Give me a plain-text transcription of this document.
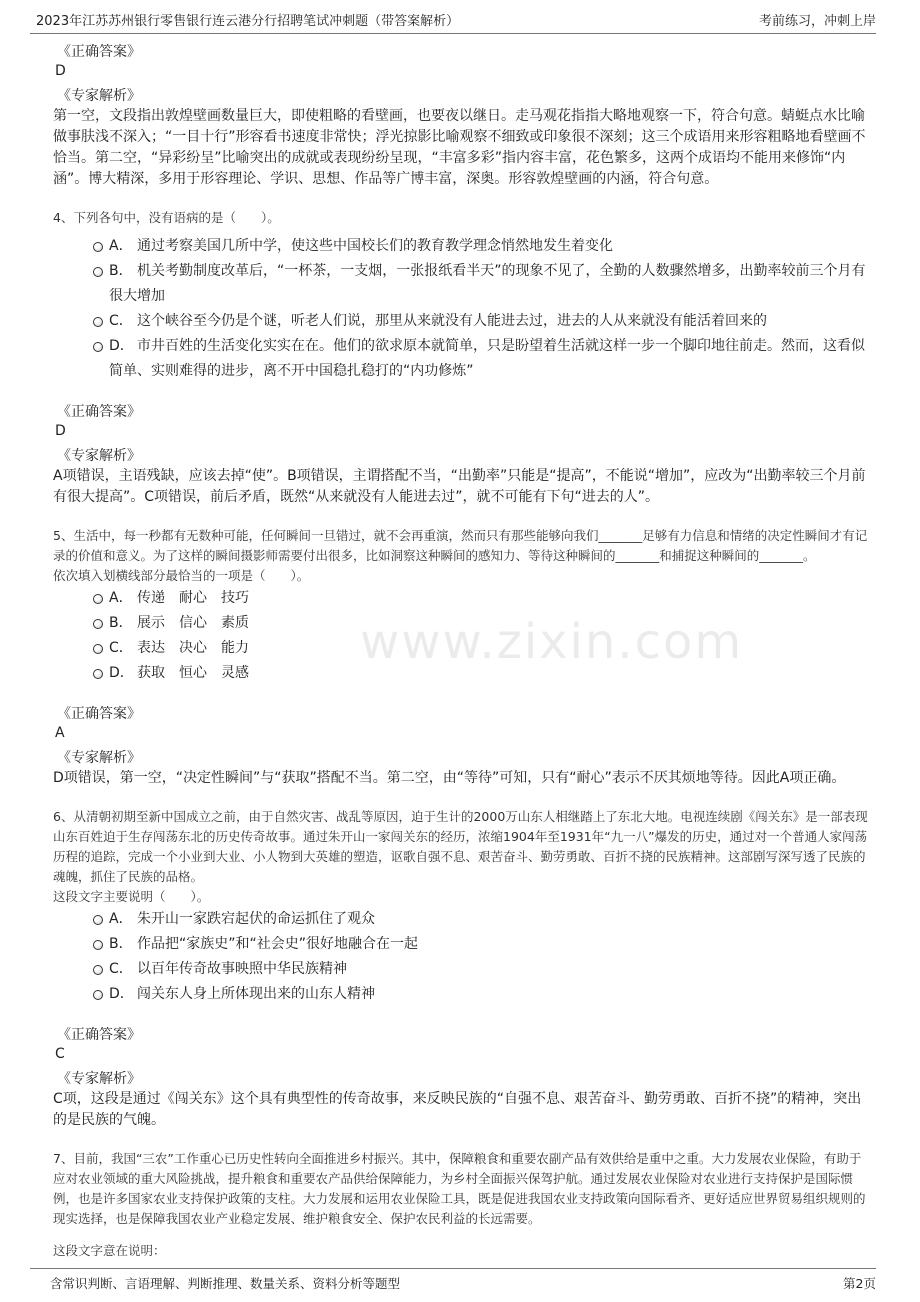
2023年江苏苏州银行零售银行连云港分行招聘笔试冲刺题（带答案解析）	考前练习，冲刺上岸
www.zixin.com

《正确答案》

D

《专家解析》

第一空，文段指出敦煌壁画数量巨大，即使粗略的看壁画，也要夜以继日。走马观花指指大略地观察一下，符合句意。蜻蜓点水比喻做事肤浅不深入；“一目十行”形容看书速度非常快；浮光掠影比喻观察不细致或印象很不深刻；这三个成语用来形容粗略地看壁画不恰当。第二空，“异彩纷呈”比喻突出的成就或表现纷纷呈现，“丰富多彩”指内容丰富，花色繁多，这两个成语均不能用来修饰“内涵”。博大精深，多用于形容理论、学识、思想、作品等广博丰富，深奥。形容敦煌壁画的内涵，符合句意。

4、下列各句中，没有语病的是（　　）。

A． 通过考察美国几所中学，使这些中国校长们的教育教学理念悄然地发生着变化

B． 机关考勤制度改革后，“一杯茶，一支烟，一张报纸看半天”的现象不见了，全勤的人数骤然增多，出勤率较前三个月有很大增加

C． 这个峡谷至今仍是个谜，听老人们说，那里从来就没有人能进去过，进去的人从来就没有能活着回来的

D． 市井百姓的生活变化实实在在。他们的欲求原本就简单，只是盼望着生活就这样一步一个脚印地往前走。然而，这看似简单、实则难得的进步，离不开中国稳扎稳打的“内功修炼”

《正确答案》

D

《专家解析》

A项错误，主语残缺，应该去掉“使”。B项错误，主谓搭配不当，“出勤率”只能是“提高”，不能说“增加”，应改为“出勤率较三个月前有很大提高”。C项错误，前后矛盾，既然“从来就没有人能进去过”，就不可能有下句“进去的人”。

5、生活中，每一秒都有无数种可能，任何瞬间一旦错过，就不会再重演，然而只有那些能够向我们_______足够有力信息和情绪的决定性瞬间才有记录的价值和意义。为了这样的瞬间摄影师需要付出很多，比如洞察这种瞬间的感知力、等待这种瞬间的_______和捕捉这种瞬间的_______。

依次填入划横线部分最恰当的一项是（　　）。

A． 传递　耐心　技巧

B． 展示　信心　素质

C． 表达　决心　能力

D． 获取　恒心　灵感

《正确答案》

A

《专家解析》

D项错误，第一空，“决定性瞬间”与“获取”搭配不当。第二空，由“等待”可知，只有“耐心”表示不厌其烦地等待。因此A项正确。

6、从清朝初期至新中国成立之前，由于自然灾害、战乱等原因，迫于生计的2000万山东人相继踏上了东北大地。电视连续剧《闯关东》是一部表现山东百姓迫于生存闯荡东北的历史传奇故事。通过朱开山一家闯关东的经历，浓缩1904年至1931年“九一八”爆发的历史，通过对一个普通人家闯荡历程的追踪，完成一个小业到大业、小人物到大英雄的塑造，讴歌自强不息、艰苦奋斗、勤劳勇敢、百折不挠的民族精神。这部剧写深写透了民族的魂魄，抓住了民族的品格。

这段文字主要说明（　　）。

A． 朱开山一家跌宕起伏的命运抓住了观众

B． 作品把“家族史”和“社会史”很好地融合在一起

C． 以百年传奇故事映照中华民族精神

D． 闯关东人身上所体现出来的山东人精神

《正确答案》

C

《专家解析》

C项，这段是通过《闯关东》这个具有典型性的传奇故事，来反映民族的“自强不息、艰苦奋斗、勤劳勇敢、百折不挠”的精神，突出的是民族的气魄。

7、目前，我国“三农”工作重心已历史性转向全面推进乡村振兴。其中，保障粮食和重要农副产品有效供给是重中之重。大力发展农业保险，有助于应对农业领域的重大风险挑战，提升粮食和重要农产品供给保障能力，为乡村全面振兴保驾护航。通过发展农业保险对农业进行支持保护是国际惯例，也是许多国家农业支持保护政策的支柱。大力发展和运用农业保险工具，既是促进我国农业支持政策向国际看齐、更好适应世界贸易组织规则的现实选择，也是保障我国农业产业稳定发展、维护粮食安全、保护农民利益的长远需要。

这段文字意在说明：

含常识判断、言语理解、判断推理、数量关系、资料分析等题型	第2页
